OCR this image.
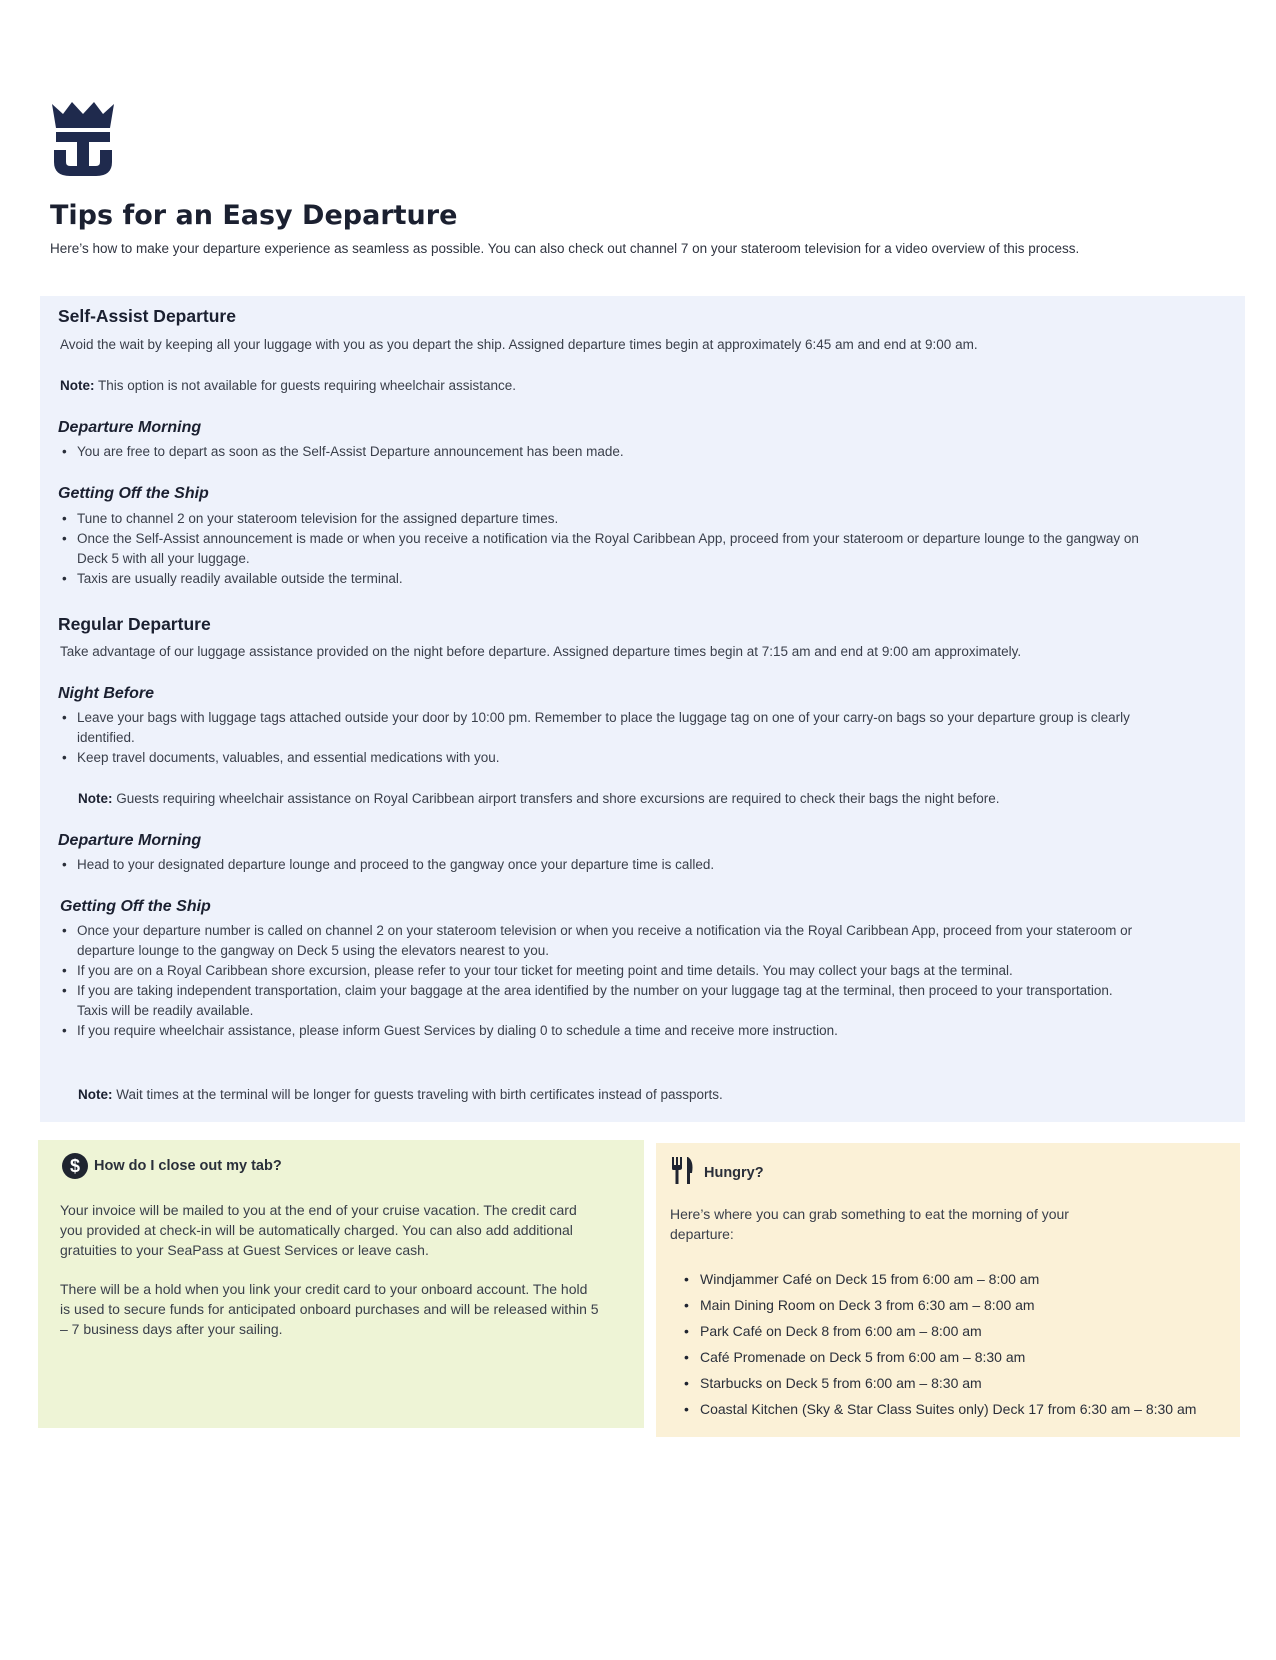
Tips for an Easy Departure
Here’s how to make your departure experience as seamless as possible. You can also check out channel 7 on your stateroom television for a video overview of this process.
Self-Assist Departure

Avoid the wait by keeping all your luggage with you as you depart the ship. Assigned departure times begin at approximately 6:45 am and end at 9:00 am.

Note: This option is not available for guests requiring wheelchair assistance.

Departure Morning
• You are free to depart as soon as the Self-Assist Departure announcement has been made.
Getting Off the Ship
• Tune to channel 2 on your stateroom television for the assigned departure times.
• Once the Self-Assist announcement is made or when you receive a notification via the Royal Caribbean App, proceed from your stateroom or departure lounge to the gangway on Deck 5 with all your luggage.
• Taxis are usually readily available outside the terminal.
Regular Departure

Take advantage of our luggage assistance provided on the night before departure. Assigned departure times begin at 7:15 am and end at 9:00 am approximately.

Night Before
• Leave your bags with luggage tags attached outside your door by 10:00 pm. Remember to place the luggage tag on one of your carry-on bags so your departure group is clearly identified.
• Keep travel documents, valuables, and essential medications with you.

Note: Guests requiring wheelchair assistance on Royal Caribbean airport transfers and shore excursions are required to check their bags the night before.

Departure Morning
• Head to your designated departure lounge and proceed to the gangway once your departure time is called.
Getting Off the Ship
• Once your departure number is called on channel 2 on your stateroom television or when you receive a notification via the Royal Caribbean App, proceed from your stateroom or departure lounge to the gangway on Deck 5 using the elevators nearest to you.
• If you are on a Royal Caribbean shore excursion, please refer to your tour ticket for meeting point and time details. You may collect your bags at the terminal.
• If you are taking independent transportation, claim your baggage at the area identified by the number on your luggage tag at the terminal, then proceed to your transportation. Taxis will be readily available.
• If you require wheelchair assistance, please inform Guest Services by dialing 0 to schedule a time and receive more instruction.

Note: Wait times at the terminal will be longer for guests traveling with birth certificates instead of passports.

$ How do I close out my tab?

Your invoice will be mailed to you at the end of your cruise vacation. The credit card you provided at check-in will be automatically charged. You can also add additional gratuities to your SeaPass at Guest Services or leave cash.

There will be a hold when you link your credit card to your onboard account. The hold is used to secure funds for anticipated onboard purchases and will be released within 5 – 7 business days after your sailing.

Hungry?

Here’s where you can grab something to eat the morning of your departure:

• Windjammer Café on Deck 15 from 6:00 am – 8:00 am
• Main Dining Room on Deck 3 from 6:30 am – 8:00 am
• Park Café on Deck 8 from 6:00 am – 8:00 am
• Café Promenade on Deck 5 from 6:00 am – 8:30 am
• Starbucks on Deck 5 from 6:00 am – 8:30 am
• Coastal Kitchen (Sky & Star Class Suites only) Deck 17 from 6:30 am – 8:30 am
